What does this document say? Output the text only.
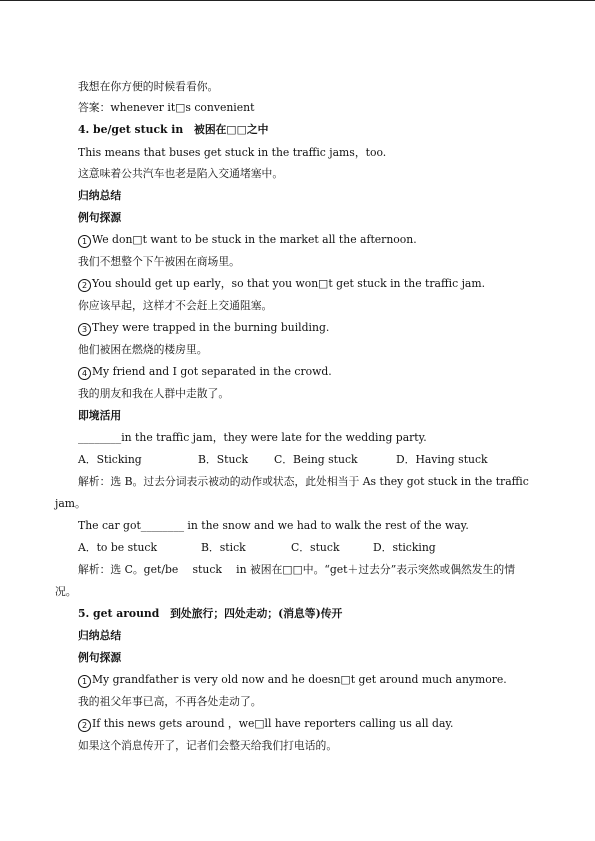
我想在你方便的时候看看你。
答案：whenever it□s convenient
4. be/get stuck in　被困在□□之中
This means that buses get stuck in the traffic jams，too.
这意味着公共汽车也老是陷入交通堵塞中。
归纳总结
例句探源
1 We don□t want to be stuck in the market all the afternoon.
我们不想整个下午被困在商场里。
2 You should get up early，so that you won□t get stuck in the traffic jam.
你应该早起，这样才不会赶上交通阻塞。
3 They were trapped in the burning building.
他们被困在燃烧的楼房里。
4 My friend and I got separated in the crowd.
我的朋友和我在人群中走散了。
即境活用
________in the traffic jam，they were late for the wedding party.
A．Sticking	B．Stuck C．Being stuck	D．Having stuck
解析：选 B。过去分词表示被动的动作或状态，此处相当于 As they got stuck in the traffic
jam。
The car got________ in the snow and we had to walk the rest of the way.
A．to be stuck	B．stick	C．stuck	D．sticking
解析：选 C。get/be　 stuck　 in 被困在□□中。“get＋过去分”表示突然或偶然发生的情
况。
5. get around　到处旅行；四处走动；(消息等)传开
归纳总结
例句探源
1 My grandfather is very old now and he doesn□t get around much anymore.
我的祖父年事已高，不再各处走动了。
2 If this news gets around ，we□ll have reporters calling us all day.
如果这个消息传开了，记者们会整天给我们打电话的。
